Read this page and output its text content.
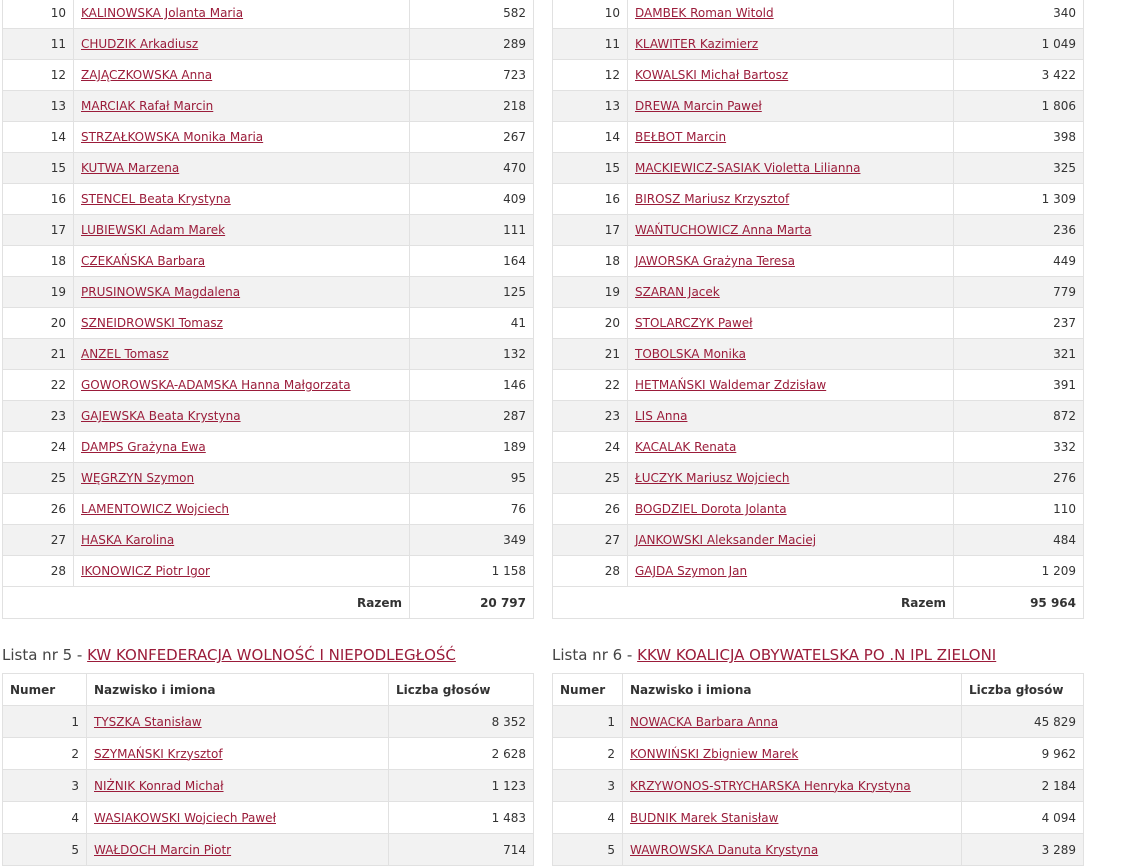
10	KALINOWSKA Jolanta Maria	582
11	CHUDZIK Arkadiusz	289
12	ZAJĄCZKOWSKA Anna	723
13	MARCIAK Rafał Marcin	218
14	STRZAŁKOWSKA Monika Maria	267
15	KUTWA Marzena	470
16	STENCEL Beata Krystyna	409
17	LUBIEWSKI Adam Marek	111
18	CZEKAŃSKA Barbara	164
19	PRUSINOWSKA Magdalena	125
20	SZNEIDROWSKI Tomasz	41
21	ANZEL Tomasz	132
22	GOWOROWSKA-ADAMSKA Hanna Małgorzata	146
23	GAJEWSKA Beata Krystyna	287
24	DAMPS Grażyna Ewa	189
25	WĘGRZYN Szymon	95
26	LAMENTOWICZ Wojciech	76
27	HASKA Karolina	349
28	IKONOWICZ Piotr Igor	1 158
Razem		20 797
10	DAMBEK Roman Witold	340
11	KLAWITER Kazimierz	1 049
12	KOWALSKI Michał Bartosz	3 422
13	DREWA Marcin Paweł	1 806
14	BEŁBOT Marcin	398
15	MACKIEWICZ-SASIAK Violetta Lilianna	325
16	BIROSZ Mariusz Krzysztof	1 309
17	WAŃTUCHOWICZ Anna Marta	236
18	JAWORSKA Grażyna Teresa	449
19	SZARAN Jacek	779
20	STOLARCZYK Paweł	237
21	TOBOLSKA Monika	321
22	HETMAŃSKI Waldemar Zdzisław	391
23	LIS Anna	872
24	KACALAK Renata	332
25	ŁUCZYK Mariusz Wojciech	276
26	BOGDZIEL Dorota Jolanta	110
27	JANKOWSKI Aleksander Maciej	484
28	GAJDA Szymon Jan	1 209
Razem		95 964
Lista nr 5 - KW KONFEDERACJA WOLNOŚĆ I NIEPODLEGŁOŚĆ	Lista nr 6 - KKW KOALICJA OBYWATELSKA PO .N IPL ZIELONI
Numer	Nazwisko i imiona	Liczba głosów
1	TYSZKA Stanisław	8 352
2	SZYMAŃSKI Krzysztof	2 628
3	NIŻNIK Konrad Michał	1 123
4	WASIAKOWSKI Wojciech Paweł	1 483
5	WAŁDOCH Marcin Piotr	714
Numer	Nazwisko i imiona	Liczba głosów
1	NOWACKA Barbara Anna	45 829
2	KONWIŃSKI Zbigniew Marek	9 962
3	KRZYWONOS-STRYCHARSKA Henryka Krystyna	2 184
4	BUDNIK Marek Stanisław	4 094
5	WAWROWSKA Danuta Krystyna	3 289
